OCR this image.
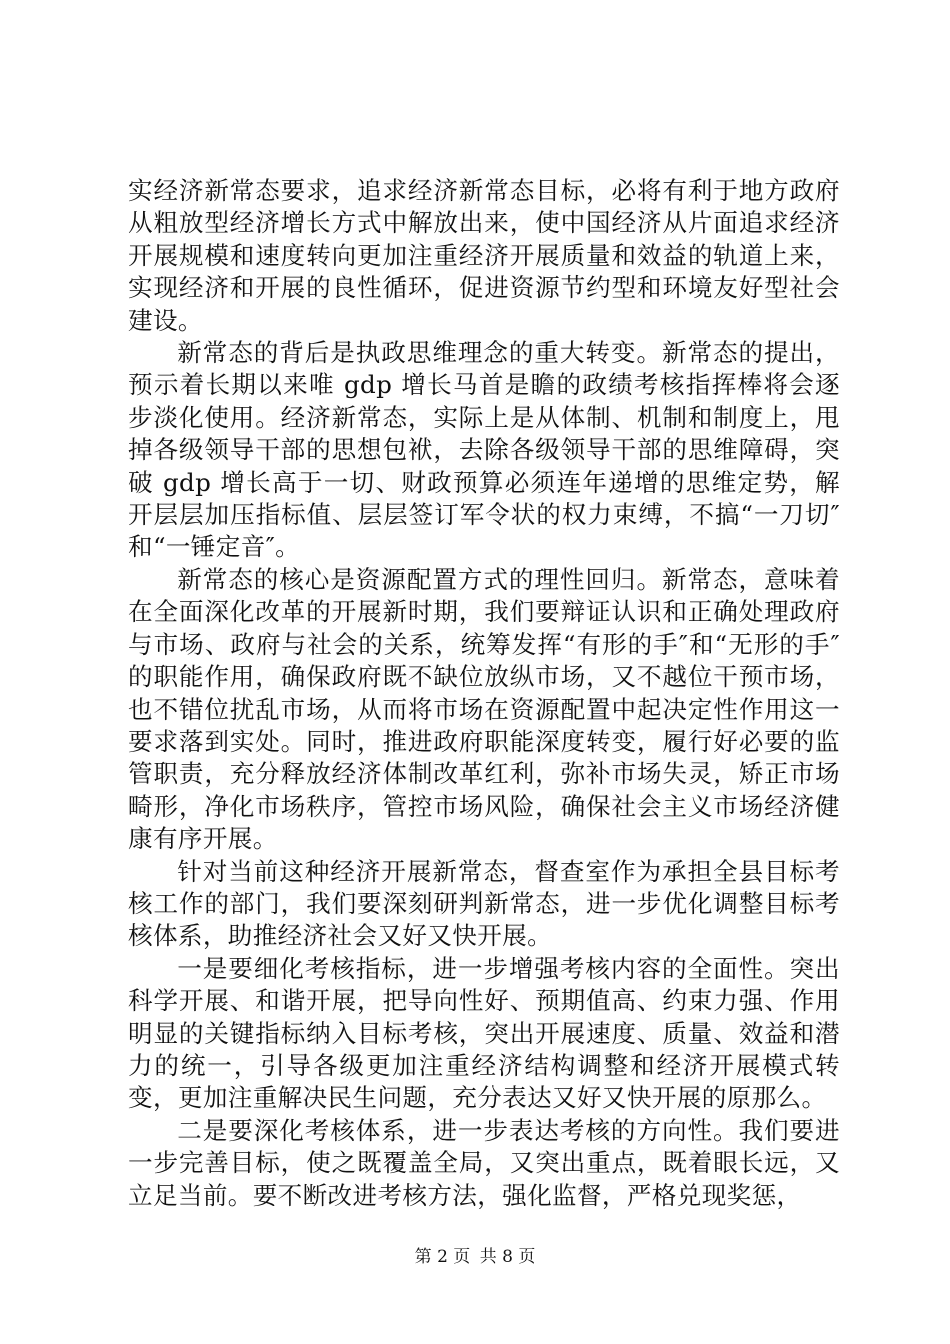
实经济新常态要求，追求经济新常态目标，必将有利于地方政府从粗放型经济增长方式中解放出来，使中国经济从片面追求经济开展规模和速度转向更加注重经济开展质量和效益的轨道上来，实现经济和开展的良性循环，促进资源节约型和环境友好型社会建设。

新常态的背后是执政思维理念的重大转变。新常态的提出，预示着长期以来唯 gdp 增长马首是瞻的政绩考核指挥棒将会逐步淡化使用。经济新常态，实际上是从体制、机制和制度上，甩掉各级领导干部的思想包袱，去除各级领导干部的思维障碍，突破 gdp 增长高于一切、财政预算必须连年递增的思维定势，解开层层加压指标值、层层签订军令状的权力束缚，不搞“一刀切″和“一锤定音″。

新常态的核心是资源配置方式的理性回归。新常态，意味着在全面深化改革的开展新时期，我们要辩证认识和正确处理政府与市场、政府与社会的关系，统筹发挥“有形的手″和“无形的手″的职能作用，确保政府既不缺位放纵市场，又不越位干预市场，也不错位扰乱市场，从而将市场在资源配置中起决定性作用这一要求落到实处。同时，推进政府职能深度转变，履行好必要的监管职责，充分释放经济体制改革红利，弥补市场失灵，矫正市场畸形，净化市场秩序，管控市场风险，确保社会主义市场经济健康有序开展。

针对当前这种经济开展新常态，督查室作为承担全县目标考核工作的部门，我们要深刻研判新常态，进一步优化调整目标考核体系，助推经济社会又好又快开展。

一是要细化考核指标，进一步增强考核内容的全面性。突出科学开展、和谐开展，把导向性好、预期值高、约束力强、作用明显的关键指标纳入目标考核，突出开展速度、质量、效益和潜力的统一，引导各级更加注重经济结构调整和经济开展模式转变，更加注重解决民生问题，充分表达又好又快开展的原那么。

二是要深化考核体系，进一步表达考核的方向性。我们要进一步完善目标，使之既覆盖全局，又突出重点，既着眼长远，又立足当前。要不断改进考核方法，强化监督，严格兑现奖惩，

第 2 页 共 8 页
